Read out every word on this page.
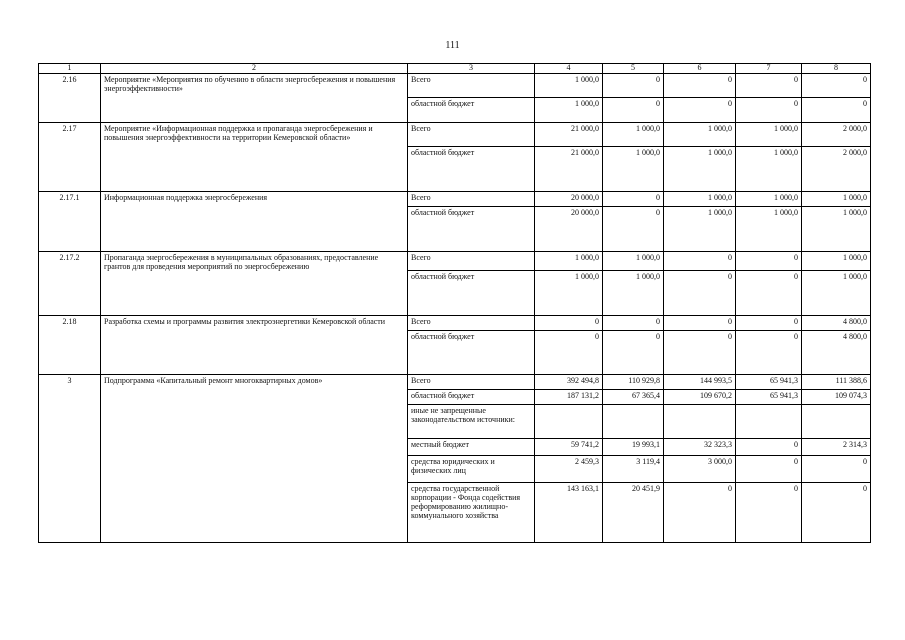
111
1	2	3	4	5	6	7	8
2.16	Мероприятие «Мероприятия по обучению в области энергосбережения и повышения энергоэффективности»	Всего	1 000,0	0	0	0	0
		областной бюджет	1 000,0	0	0	0	0
2.17	Мероприятие «Информационная поддержка и пропаганда энергосбережения и повышения энергоэффективности на территории Кемеровской области»	Всего	21 000,0	1 000,0	1 000,0	1 000,0	2 000,0
		областной бюджет	21 000,0	1 000,0	1 000,0	1 000,0	2 000,0
2.17.1	Информационная поддержка энергосбережения	Всего	20 000,0	0	1 000,0	1 000,0	1 000,0
		областной бюджет	20 000,0	0	1 000,0	1 000,0	1 000,0
2.17.2	Пропаганда энергосбережения в муниципальных образованиях, предоставление грантов для проведения мероприятий по энергосбережению	Всего	1 000,0	1 000,0	0	0	1 000,0
		областной бюджет	1 000,0	1 000,0	0	0	1 000,0
2.18	Разработка схемы и программы развития электроэнергетики Кемеровской области	Всего	0	0	0	0	4 800,0
		областной бюджет	0	0	0	0	4 800,0
3	Подпрограмма «Капитальный ремонт многоквартирных домов»	Всего	392 494,8	110 929,8	144 993,5	65 941,3	111 388,6
		областной бюджет	187 131,2	67 365,4	109 670,2	65 941,3	109 074,3
		иные не запрещенные законодательством источники:					
		местный бюджет	59 741,2	19 993,1	32 323,3	0	2 314,3
		средства юридических и физических лиц	2 459,3	3 119,4	3 000,0	0	0
		средства государственной корпорации - Фонда содействия реформированию жилищно-коммунального хозяйства	143 163,1	20 451,9	0	0	0
